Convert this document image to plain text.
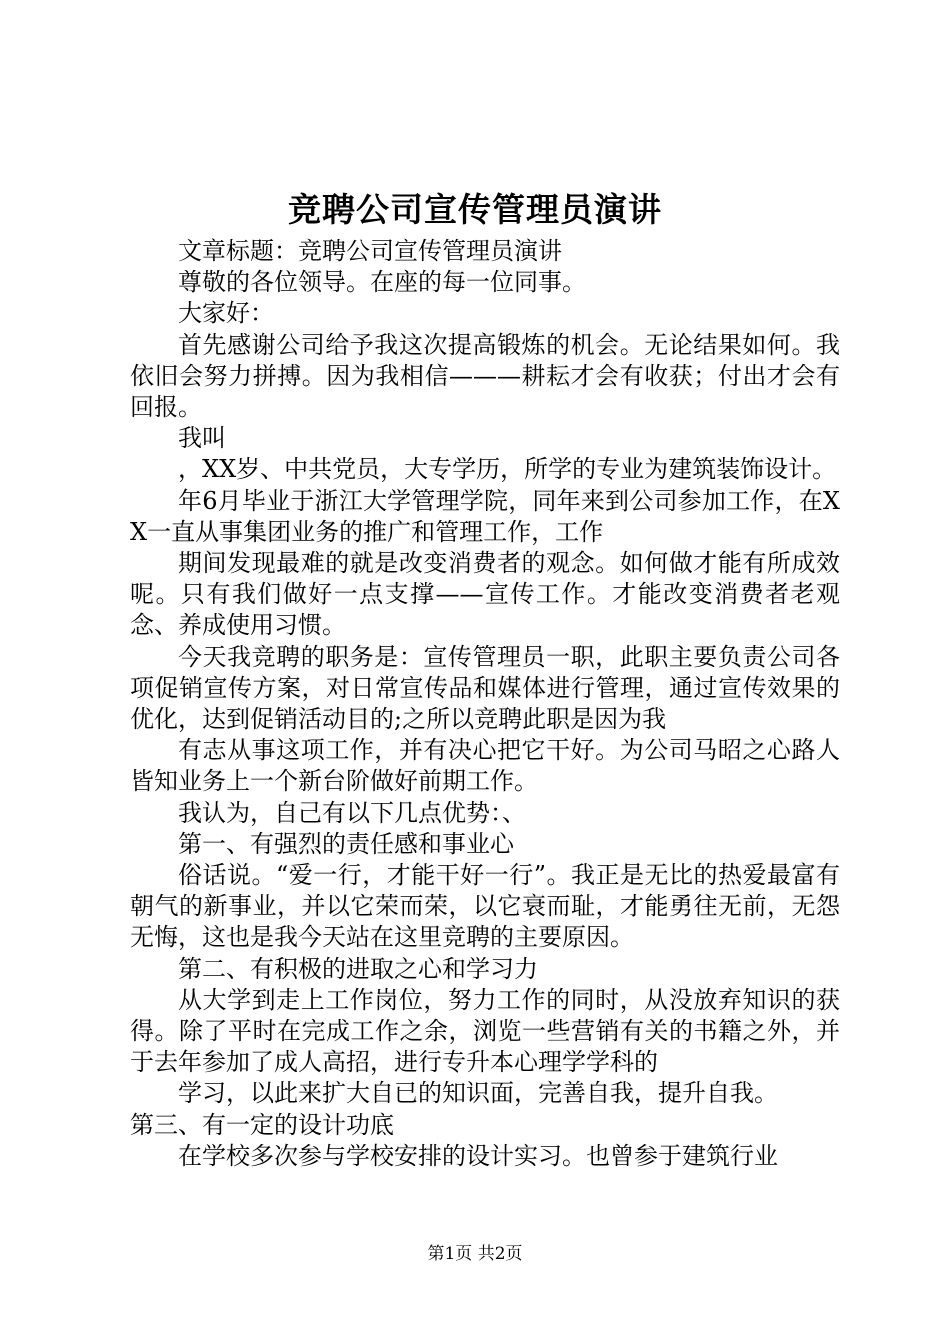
竞聘公司宣传管理员演讲

文章标题：竞聘公司宣传管理员演讲

尊敬的各位领导。在座的每一位同事。

大家好：

首先感谢公司给予我这次提高锻炼的机会。无论结果如何。我依旧会努力拼搏。因为我相信———耕耘才会有收获；付出才会有回报。

我叫

，XX岁、中共党员，大专学历，所学的专业为建筑装饰设计。

年6月毕业于浙江大学管理学院，同年来到公司参加工作，在XX一直从事集团业务的推广和管理工作，工作

期间发现最难的就是改变消费者的观念。如何做才能有所成效呢。只有我们做好一点支撑——宣传工作。才能改变消费者老观念、养成使用习惯。

今天我竞聘的职务是：宣传管理员一职，此职主要负责公司各项促销宣传方案，对日常宣传品和媒体进行管理，通过宣传效果的优化，达到促销活动目的;之所以竞聘此职是因为我

有志从事这项工作，并有决心把它干好。为公司马昭之心路人皆知业务上一个新台阶做好前期工作。

我认为，自己有以下几点优势：、

第一、有强烈的责任感和事业心

俗话说。“爱一行，才能干好一行”。我正是无比的热爱最富有朝气的新事业，并以它荣而荣，以它衰而耻，才能勇往无前，无怨无悔，这也是我今天站在这里竞聘的主要原因。

第二、有积极的进取之心和学习力

从大学到走上工作岗位，努力工作的同时，从没放弃知识的获得。除了平时在完成工作之余，浏览一些营销有关的书籍之外，并于去年参加了成人高招，进行专升本心理学学科的

学习，以此来扩大自已的知识面，完善自我，提升自我。

第三、有一定的设计功底

在学校多次参与学校安排的设计实习。也曾参于建筑行业

第1页 共2页
